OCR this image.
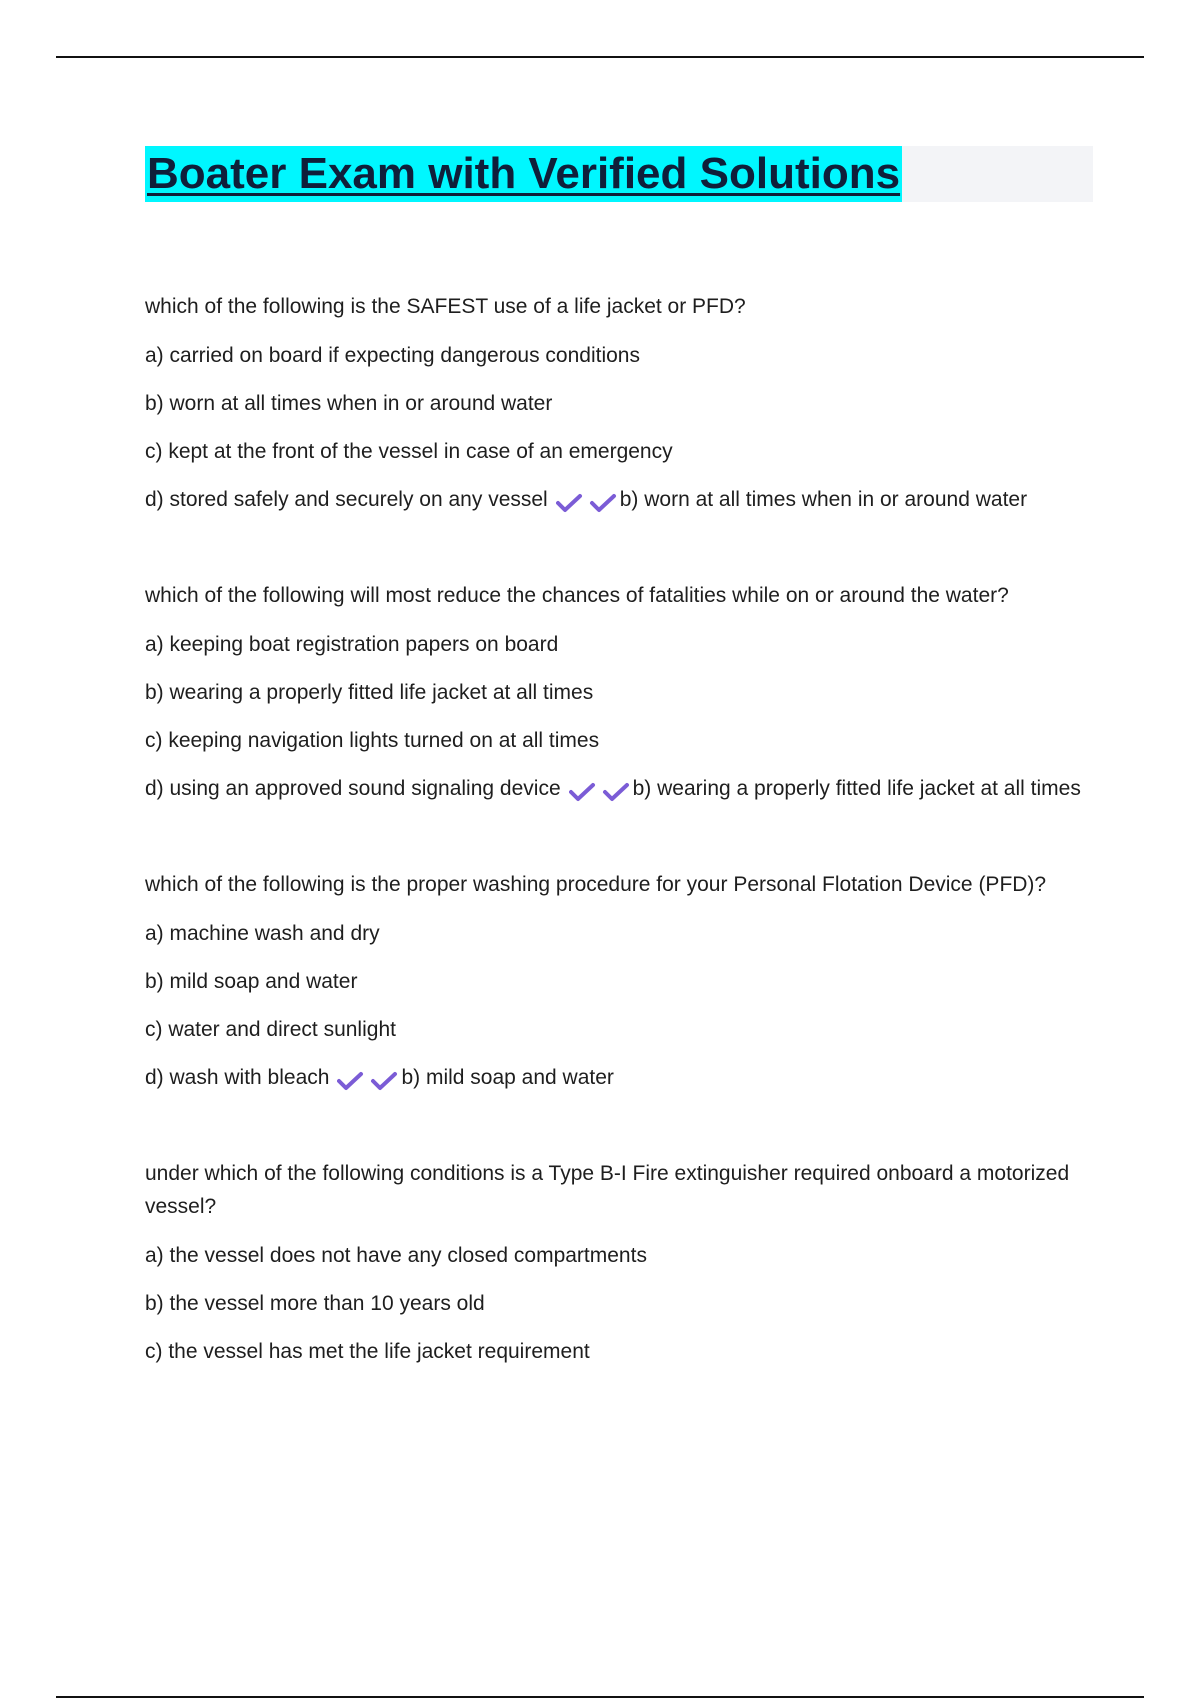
Boater Exam with Verified Solutions

which of the following is the SAFEST use of a life jacket or PFD?

a) carried on board if expecting dangerous conditions

b) worn at all times when in or around water

c) kept at the front of the vessel in case of an emergency

d) stored safely and securely on any vessel	b) worn at all times when in or around water

which of the following will most reduce the chances of fatalities while on or around the water?

a) keeping boat registration papers on board

b) wearing a properly fitted life jacket at all times

c) keeping navigation lights turned on at all times

d) using an approved sound signaling device	b) wearing a properly fitted life jacket at all times

which of the following is the proper washing procedure for your Personal Flotation Device (PFD)?

a) machine wash and dry

b) mild soap and water

c) water and direct sunlight

d) wash with bleach	b) mild soap and water

under which of the following conditions is a Type B-I Fire extinguisher required onboard a motorized vessel?

a) the vessel does not have any closed compartments

b) the vessel more than 10 years old

c) the vessel has met the life jacket requirement
